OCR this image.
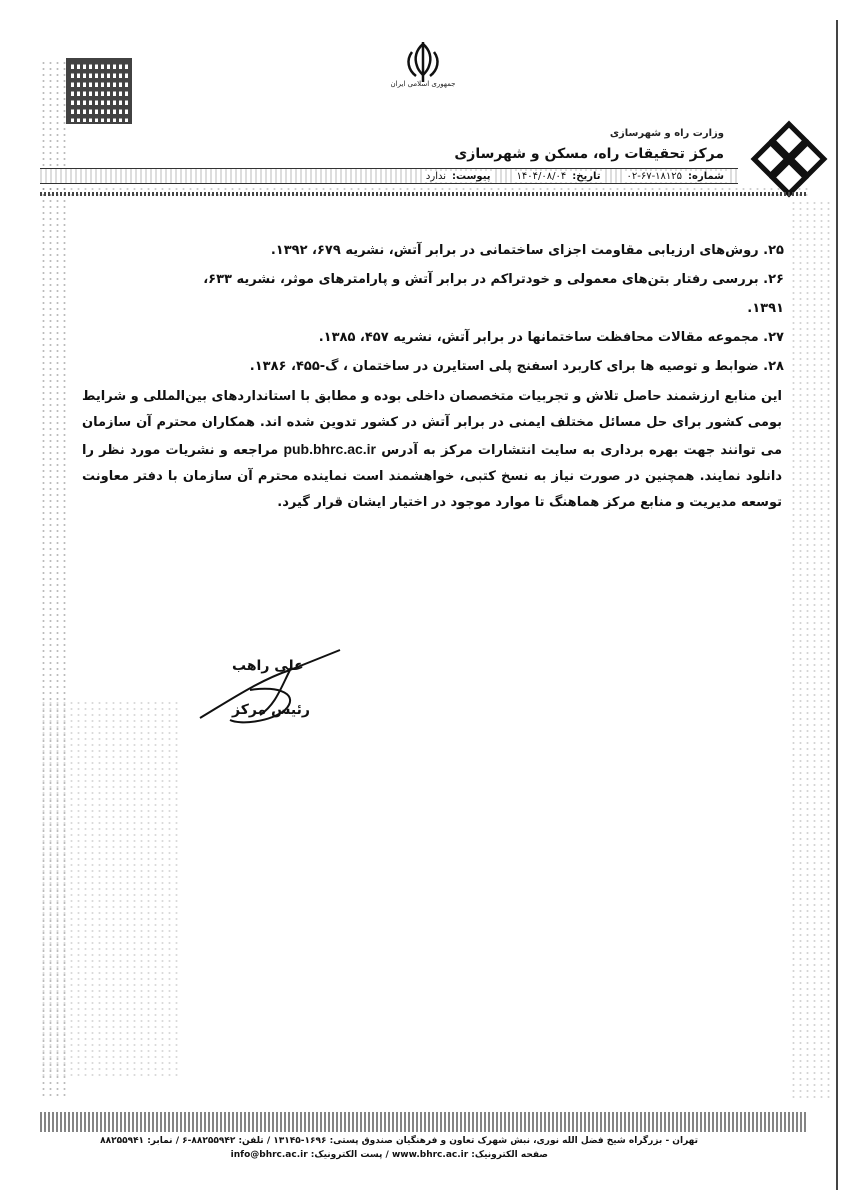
جمهوری اسلامی ایران
وزارت راه و شهرسازی
مرکز تحقیقات راه، مسکن و شهرسازی
شماره:
۰۲-۶۷-۱۸۱۲۵
تاریخ:
۱۴۰۴/۰۸/۰۴
پیوست:
ندارد
۲۵. روش‌های ارزیابی مقاومت اجزای ساختمانی در برابر آتش، نشریه ۶۷۹، ۱۳۹۲.
۲۶. بررسی رفتار بتن‌های معمولی و خودتراکم در برابر آتش و پارامترهای موثر، نشریه ۶۳۳، ۱۳۹۱.
۲۷. مجموعه مقالات محافظت ساختمانها در برابر آتش، نشریه ۴۵۷، ۱۳۸۵.
۲۸. ضوابط و توصیه ها برای کاربرد اسفنج پلی استایرن در ساختمان ، گ-۴۵۵، ۱۳۸۶.
این منابع ارزشمند حاصل تلاش و تجربیات متخصصان داخلی بوده و مطابق با استانداردهای بین‌المللی و شرایط بومی کشور برای حل مسائل مختلف ایمنی در برابر آتش در کشور تدوین شده اند. همکاران محترم آن سازمان می توانند جهت بهره برداری به سایت انتشارات مرکز به آدرس pub.bhrc.ac.ir مراجعه و نشریات مورد نظر را دانلود نمایند. همچنین در صورت نیاز به نسخ کتبی، خواهشمند است نماینده محترم آن سازمان با دفتر معاونت توسعه مدیریت و منابع مرکز هماهنگ تا موارد موجود در اختیار ایشان قرار گیرد.
علی راهب
رئیس مرکز
تهران - بزرگراه شیخ فضل الله نوری، نبش شهرک تعاون و فرهنگیان صندوق پستی: ۱۶۹۶-۱۳۱۴۵ / تلفن: ۸۸۲۵۵۹۴۲-۶ / نمابر: ۸۸۲۵۵۹۴۱
صفحه الکترونیک: www.bhrc.ac.ir / پست الکترونیک: info@bhrc.ac.ir
